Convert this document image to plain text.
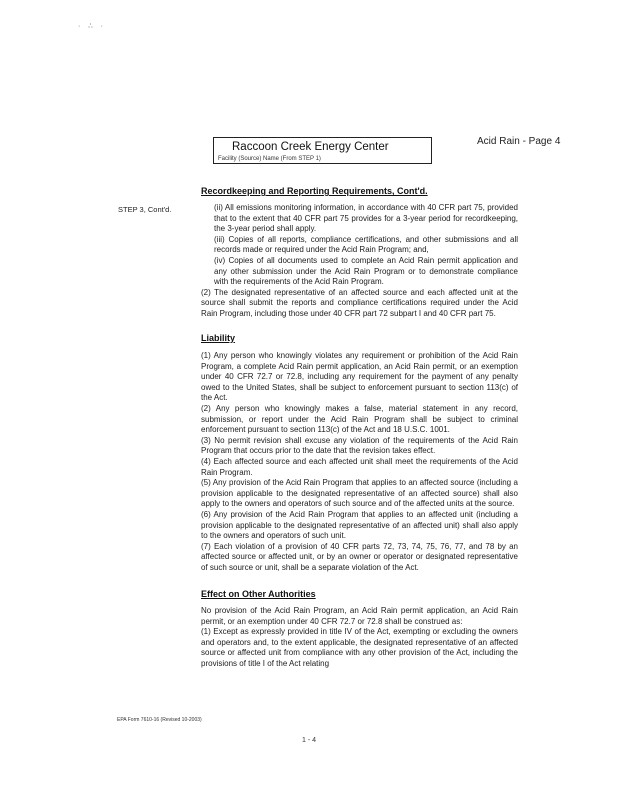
· ∴ ·
Raccoon Creek Energy Center
Facility (Source) Name (From STEP 1)
Acid Rain - Page 4
STEP 3, Cont'd.
Recordkeeping and Reporting Requirements, Cont'd.

(ii) All emissions monitoring information, in accordance with 40 CFR part 75, provided that to the extent that 40 CFR part 75 provides for a 3-year period for recordkeeping, the 3-year period shall apply.

(iii) Copies of all reports, compliance certifications, and other submissions and all records made or required under the Acid Rain Program; and,

(iv) Copies of all documents used to complete an Acid Rain permit application and any other submission under the Acid Rain Program or to demonstrate compliance with the requirements of the Acid Rain Program.

(2) The designated representative of an affected source and each affected unit at the source shall submit the reports and compliance certifications required under the Acid Rain Program, including those under 40 CFR part 72 subpart I and 40 CFR part 75.

Liability

(1) Any person who knowingly violates any requirement or prohibition of the Acid Rain Program, a complete Acid Rain permit application, an Acid Rain permit, or an exemption under 40 CFR 72.7 or 72.8, including any requirement for the payment of any penalty owed to the United States, shall be subject to enforcement pursuant to section 113(c) of the Act.

(2) Any person who knowingly makes a false, material statement in any record, submission, or report under the Acid Rain Program shall be subject to criminal enforcement pursuant to section 113(c) of the Act and 18 U.S.C. 1001.

(3) No permit revision shall excuse any violation of the requirements of the Acid Rain Program that occurs prior to the date that the revision takes effect.

(4) Each affected source and each affected unit shall meet the requirements of the Acid Rain Program.

(5) Any provision of the Acid Rain Program that applies to an affected source (including a provision applicable to the designated representative of an affected source) shall also apply to the owners and operators of such source and of the affected units at the source.

(6) Any provision of the Acid Rain Program that applies to an affected unit (including a provision applicable to the designated representative of an affected unit) shall also apply to the owners and operators of such unit.

(7) Each violation of a provision of 40 CFR parts 72, 73, 74, 75, 76, 77, and 78 by an affected source or affected unit, or by an owner or operator or designated representative of such source or unit, shall be a separate violation of the Act.

Effect on Other Authorities

No provision of the Acid Rain Program, an Acid Rain permit application, an Acid Rain permit, or an exemption under 40 CFR 72.7 or 72.8 shall be construed as:

(1) Except as expressly provided in title IV of the Act, exempting or excluding the owners and operators and, to the extent applicable, the designated representative of an affected source or affected unit from compliance with any other provision of the Act, including the provisions of title I of the Act relating

EPA Form 7610-16 (Revised 10-2003)
1 - 4
